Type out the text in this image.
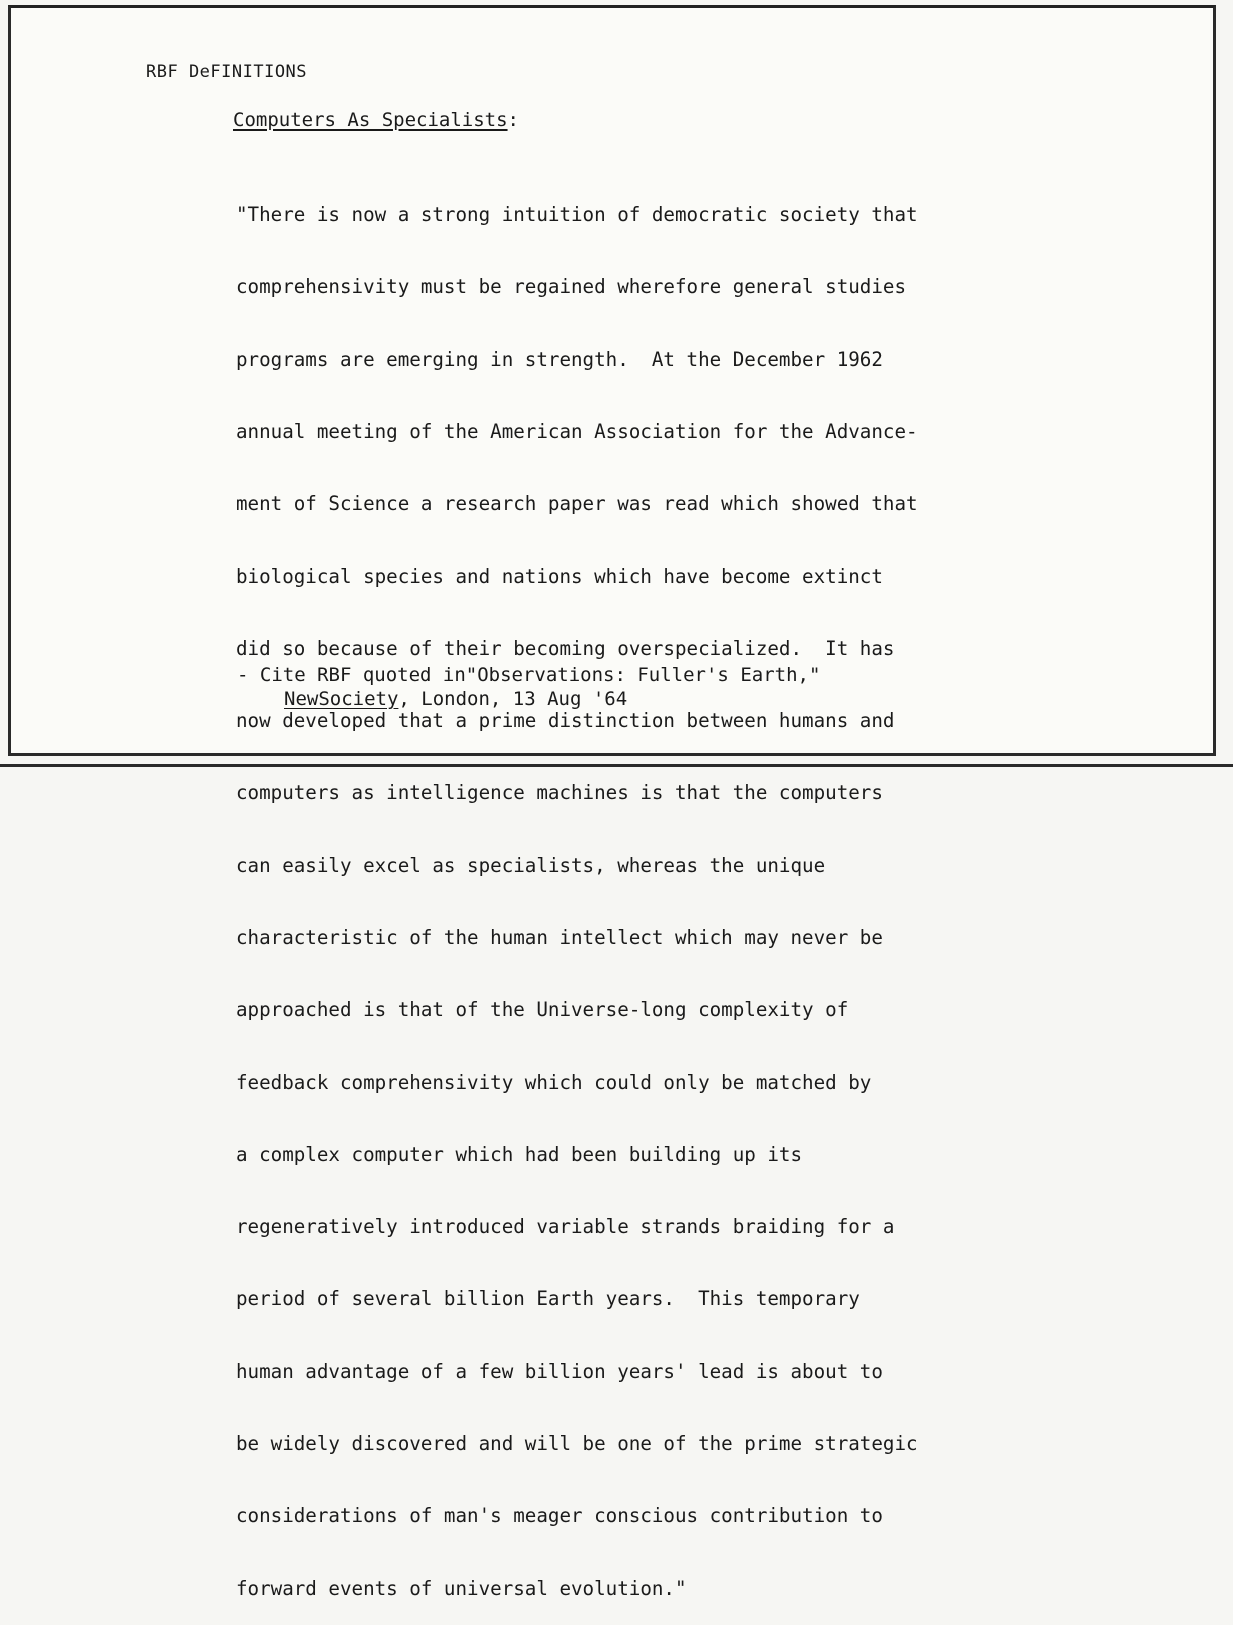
RBF DeFINITIONS
Computers As Specialists:

"There is now a strong intuition of democratic society that

comprehensivity must be regained wherefore general studies

programs are emerging in strength.  At the December 1962

annual meeting of the American Association for the Advance-

ment of Science a research paper was read which showed that

biological species and nations which have become extinct

did so because of their becoming overspecialized.  It has

now developed that a prime distinction between humans and

computers as intelligence machines is that the computers

can easily excel as specialists, whereas the unique

characteristic of the human intellect which may never be

approached is that of the Universe-long complexity of

feedback comprehensivity which could only be matched by

a complex computer which had been building up its

regeneratively introduced variable strands braiding for a

period of several billion Earth years.  This temporary

human advantage of a few billion years' lead is about to

be widely discovered and will be one of the prime strategic

considerations of man's meager conscious contribution to

forward events of universal evolution."

- Cite RBF quoted in"Observations: Fuller's Earth,"
NewSociety, London, 13 Aug '64
